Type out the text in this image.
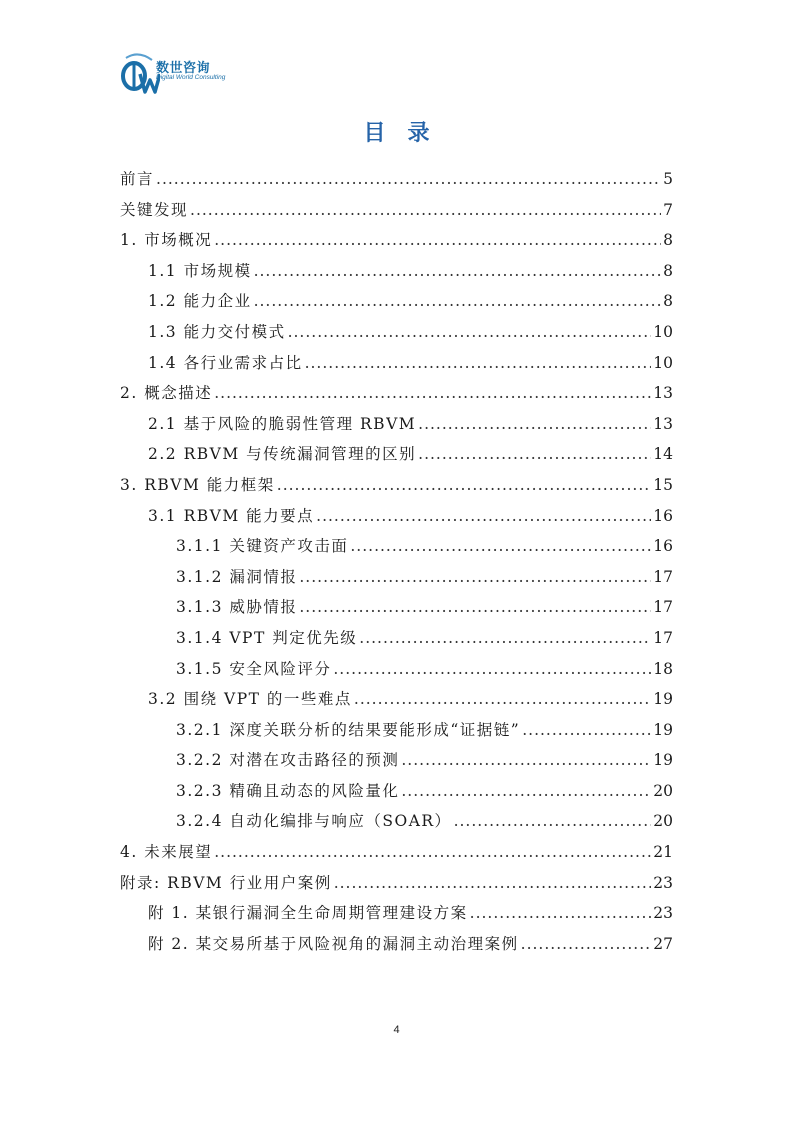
数世咨询
Digital World Consulting
目录
前言 .....	5
关键发现 .....	7
1. 市场概况 .....	8
1.1 市场规模 .....	8
1.2 能力企业 .....	8
1.3 能力交付模式 .....	10
1.4 各行业需求占比 .....	10
2. 概念描述 .....	13
2.1 基于风险的脆弱性管理 RBVM .....	13
2.2 RBVM 与传统漏洞管理的区别 .....	14
3. RBVM 能力框架 .....	15
3.1 RBVM 能力要点 .....	16
3.1.1 关键资产攻击面 .....	16
3.1.2 漏洞情报 .....	17
3.1.3 威胁情报 .....	17
3.1.4 VPT 判定优先级 .....	17
3.1.5 安全风险评分 .....	18
3.2 围绕 VPT 的一些难点 .....	19
3.2.1 深度关联分析的结果要能形成“证据链” .....	19
3.2.2 对潜在攻击路径的预测 .....	19
3.2.3 精确且动态的风险量化 .....	20
3.2.4 自动化编排与响应（SOAR） .....	20
4. 未来展望 .....	21
附录: RBVM 行业用户案例 .....	23
附 1. 某银行漏洞全生命周期管理建设方案 .....	23
附 2. 某交易所基于风险视角的漏洞主动治理案例 .....	27
4
